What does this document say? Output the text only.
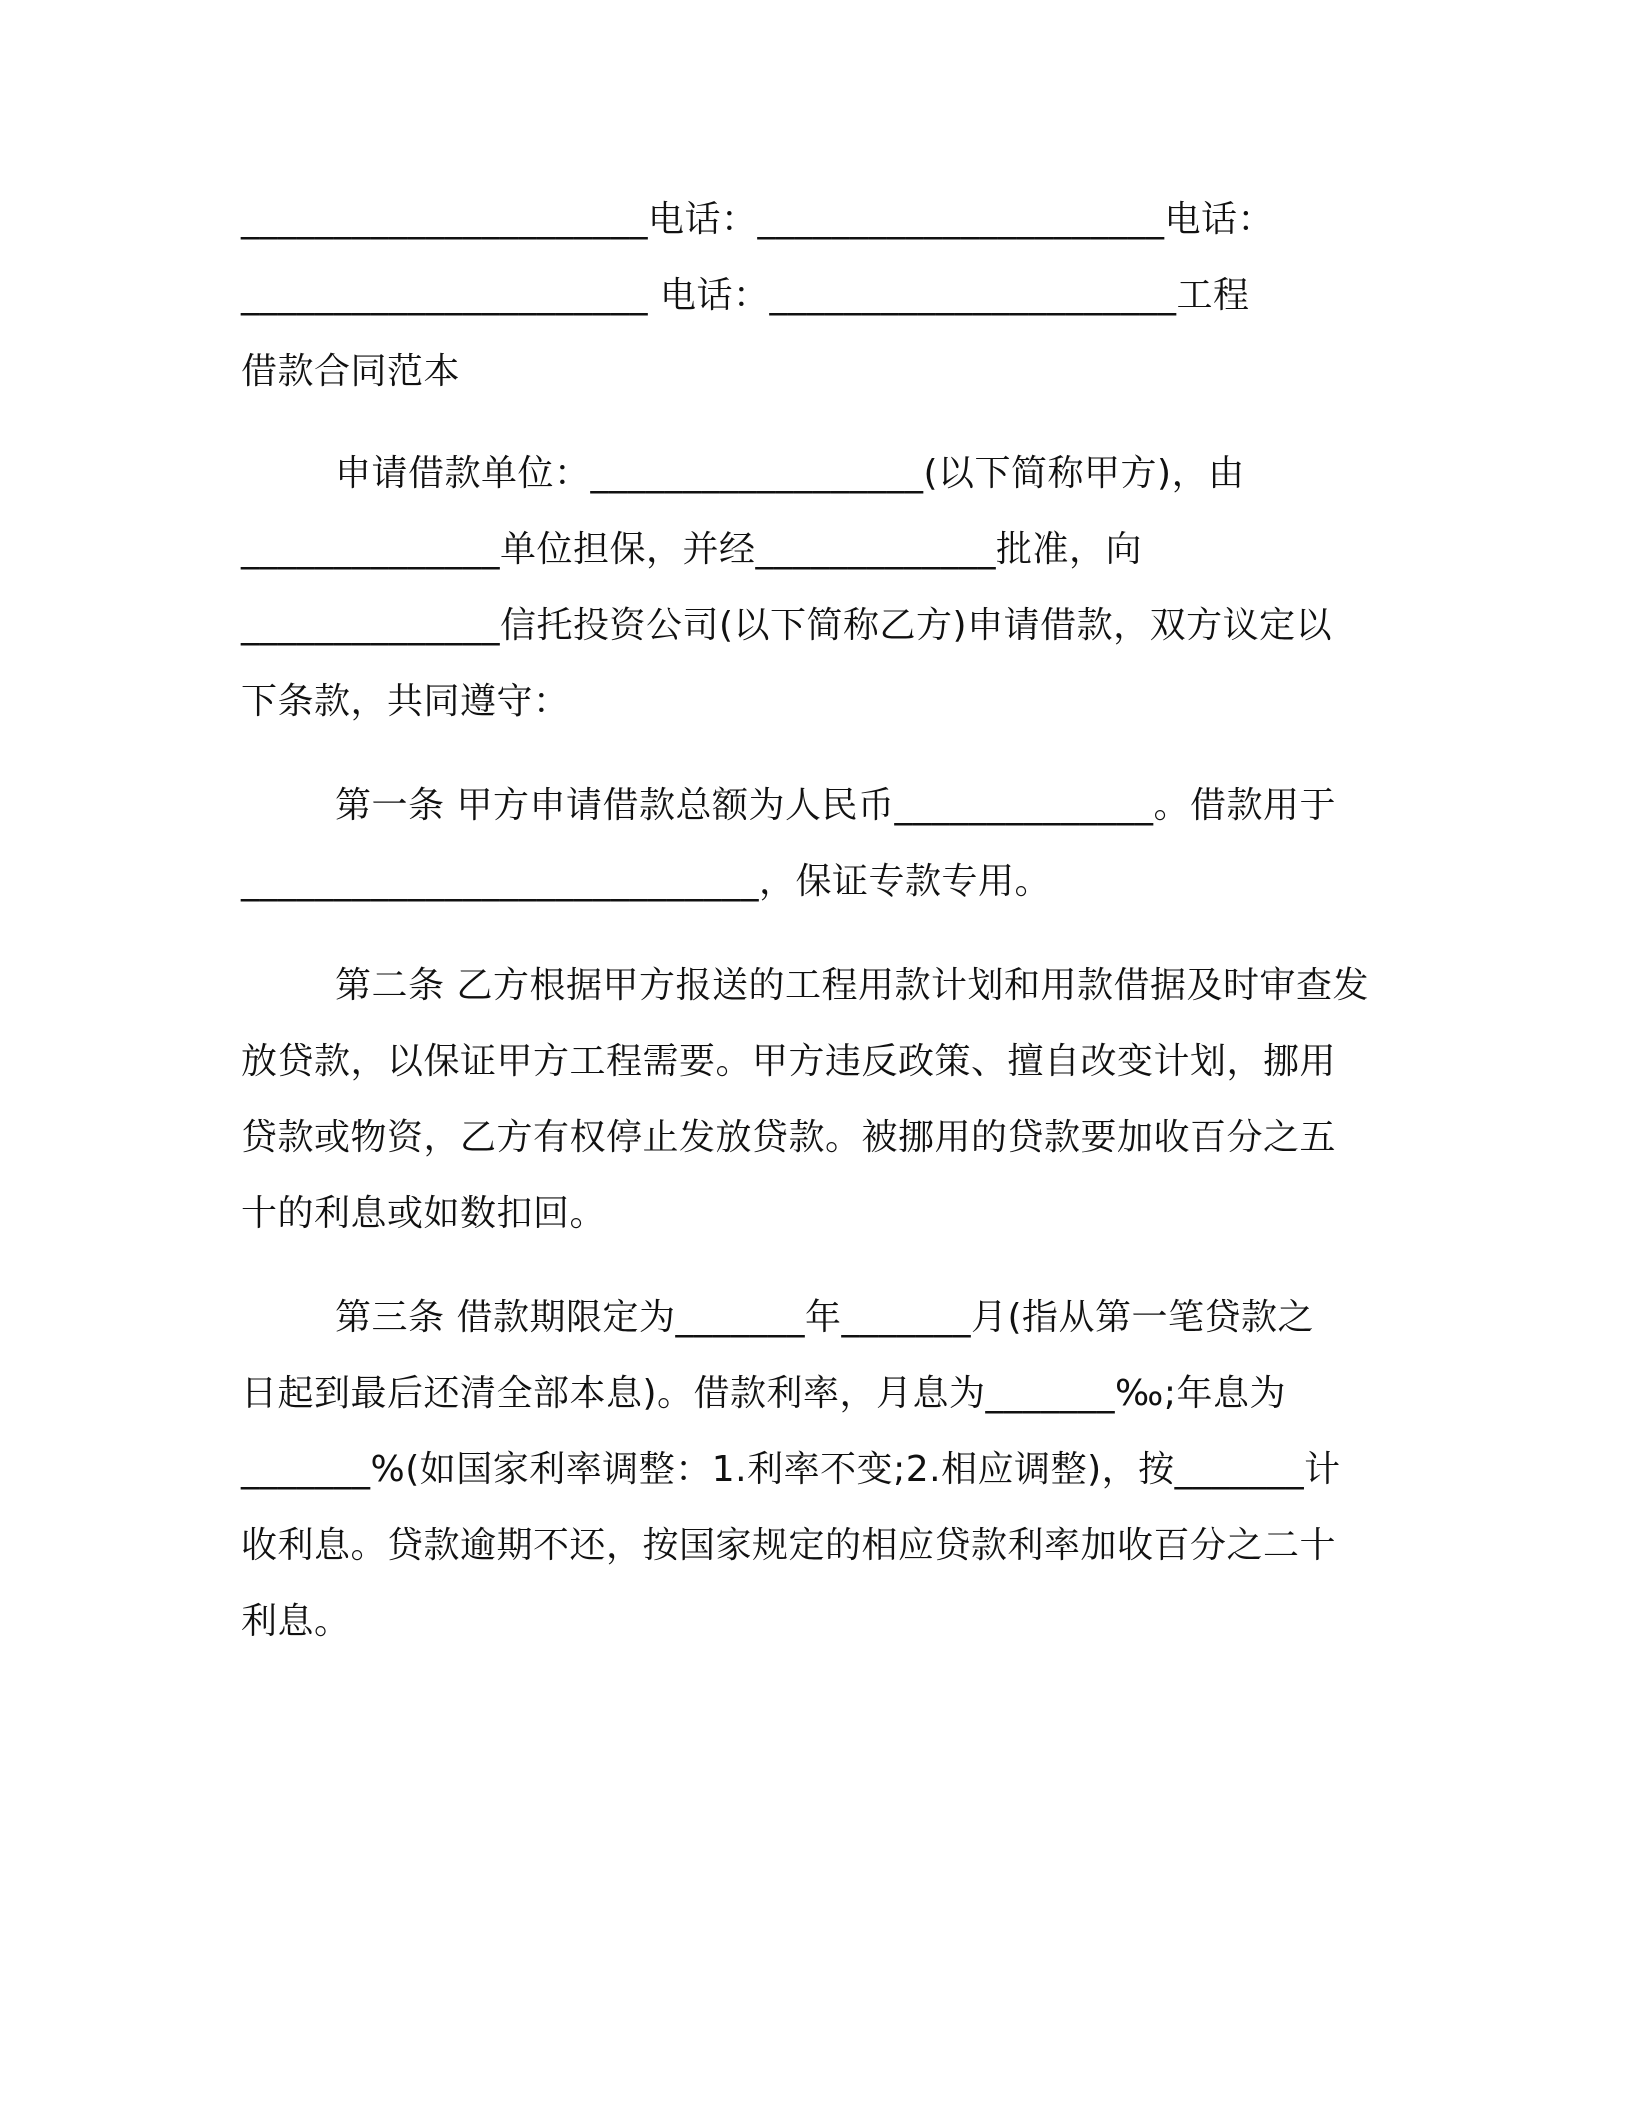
______________________电话：______________________电话：
______________________ 电话：______________________工程
借款合同范本
申请借款单位：__________________(以下简称甲方)，由
______________单位担保，并经_____________批准，向
______________信托投资公司(以下简称乙方)申请借款，双方议定以
下条款，共同遵守：
第一条 甲方申请借款总额为人民币______________。借款用于
____________________________，保证专款专用。
第二条 乙方根据甲方报送的工程用款计划和用款借据及时审查发
放贷款，以保证甲方工程需要。甲方违反政策、擅自改变计划，挪用
贷款或物资，乙方有权停止发放贷款。被挪用的贷款要加收百分之五
十的利息或如数扣回。
第三条 借款期限定为_______年_______月(指从第一笔贷款之
日起到最后还清全部本息)。借款利率，月息为_______‰;年息为
_______%(如国家利率调整：1.利率不变;2.相应调整)，按_______计
收利息。贷款逾期不还，按国家规定的相应贷款利率加收百分之二十
利息。
